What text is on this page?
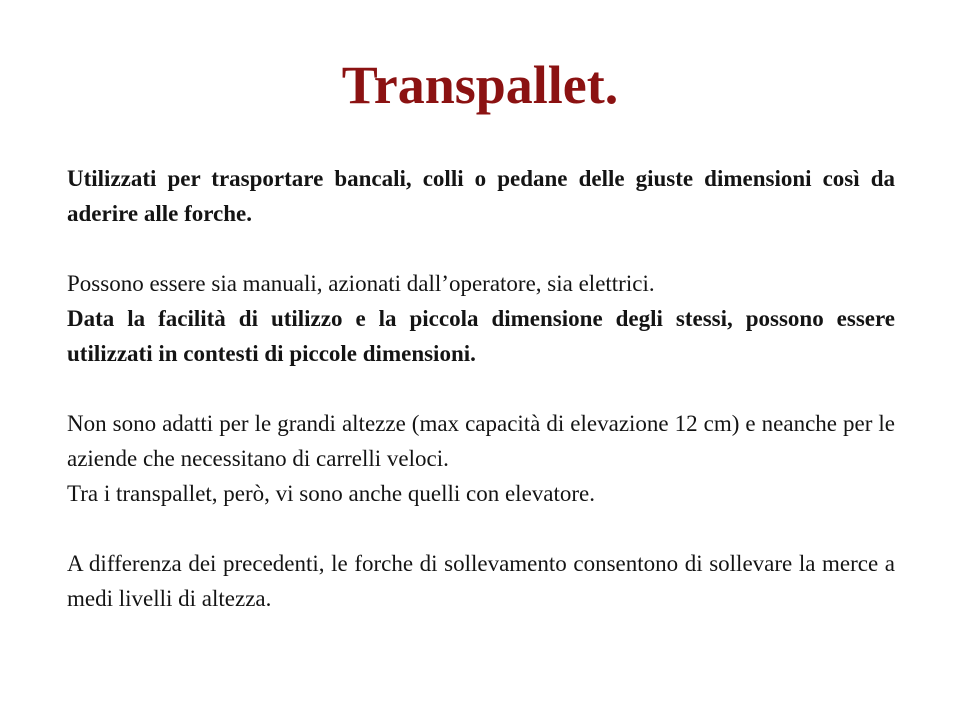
Transpallet.

Utilizzati per trasportare bancali, colli o pedane delle giuste dimensioni così da aderire alle forche.

Possono essere sia manuali, azionati dall’operatore, sia elettrici.

Data la facilità di utilizzo e la piccola dimensione degli stessi, possono essere utilizzati in contesti di piccole dimensioni.

Non sono adatti per le grandi altezze (max capacità di elevazione 12 cm) e neanche per le aziende che necessitano di carrelli veloci.

Tra i transpallet, però, vi sono anche quelli con elevatore.

A differenza dei precedenti, le forche di sollevamento consentono di sollevare la merce a medi livelli di altezza.
